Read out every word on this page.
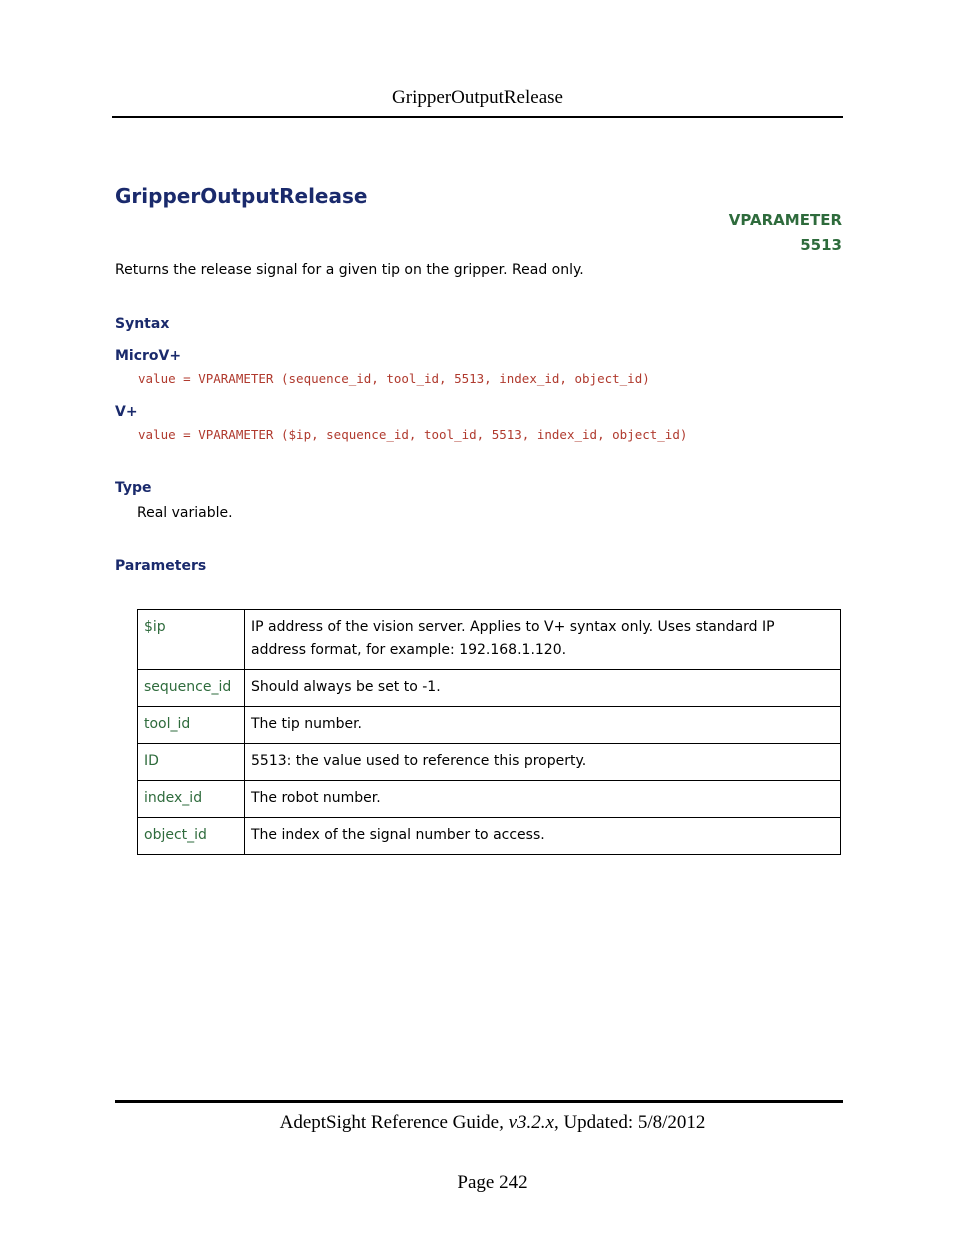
GripperOutputRelease
GripperOutputRelease
VPARAMETER
5513
Returns the release signal for a given tip on the gripper. Read only.
Syntax
MicroV+
value = VPARAMETER (sequence_id, tool_id, 5513, index_id, object_id)
V+
value = VPARAMETER ($ip, sequence_id, tool_id, 5513, index_id, object_id)
Type
Real variable.
Parameters
$ip	IP address of the vision server. Applies to V+ syntax only. Uses standard IP address format, for example: 192.168.1.120.
sequence_id	Should always be set to -1.
tool_id	The tip number.
ID	5513: the value used to reference this property.
index_id	The robot number.
object_id	The index of the signal number to access.
AdeptSight Reference Guide, v3.2.x, Updated: 5/8/2012
Page 242
